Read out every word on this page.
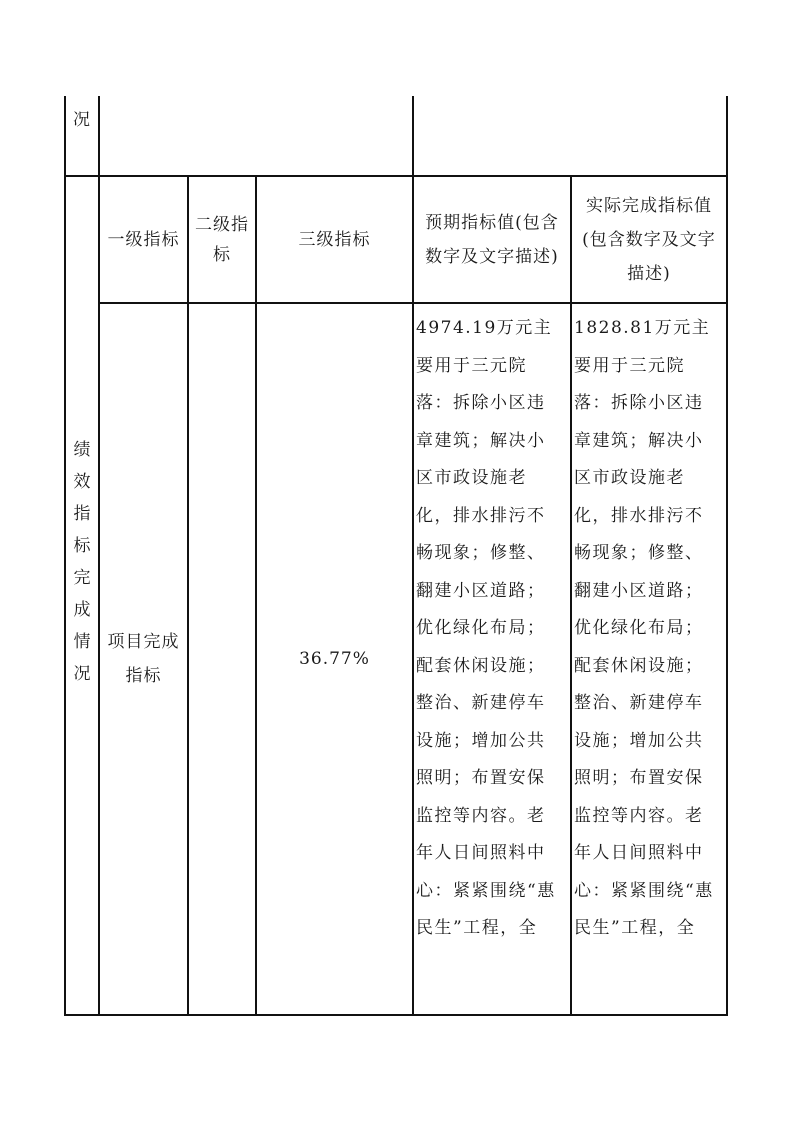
况
绩
效
指
标
完
成
情
况
一级指标
二级指标
三级指标
预期指标值(包含数字及文字描述)
实际完成指标值(包含数字及文字描述)
项目完成指标
36.77%
4974.19万元主
要用于三元院
落：拆除小区违
章建筑；解决小
区市政设施老
化，排水排污不
畅现象；修整、
翻建小区道路；
优化绿化布局；
配套休闲设施；
整治、新建停车
设施；增加公共
照明；布置安保
监控等内容。老
年人日间照料中
心：紧紧围绕“惠
民生”工程，全
1828.81万元主
要用于三元院
落：拆除小区违
章建筑；解决小
区市政设施老
化，排水排污不
畅现象；修整、
翻建小区道路；
优化绿化布局；
配套休闲设施；
整治、新建停车
设施；增加公共
照明；布置安保
监控等内容。老
年人日间照料中
心：紧紧围绕“惠
民生”工程，全
